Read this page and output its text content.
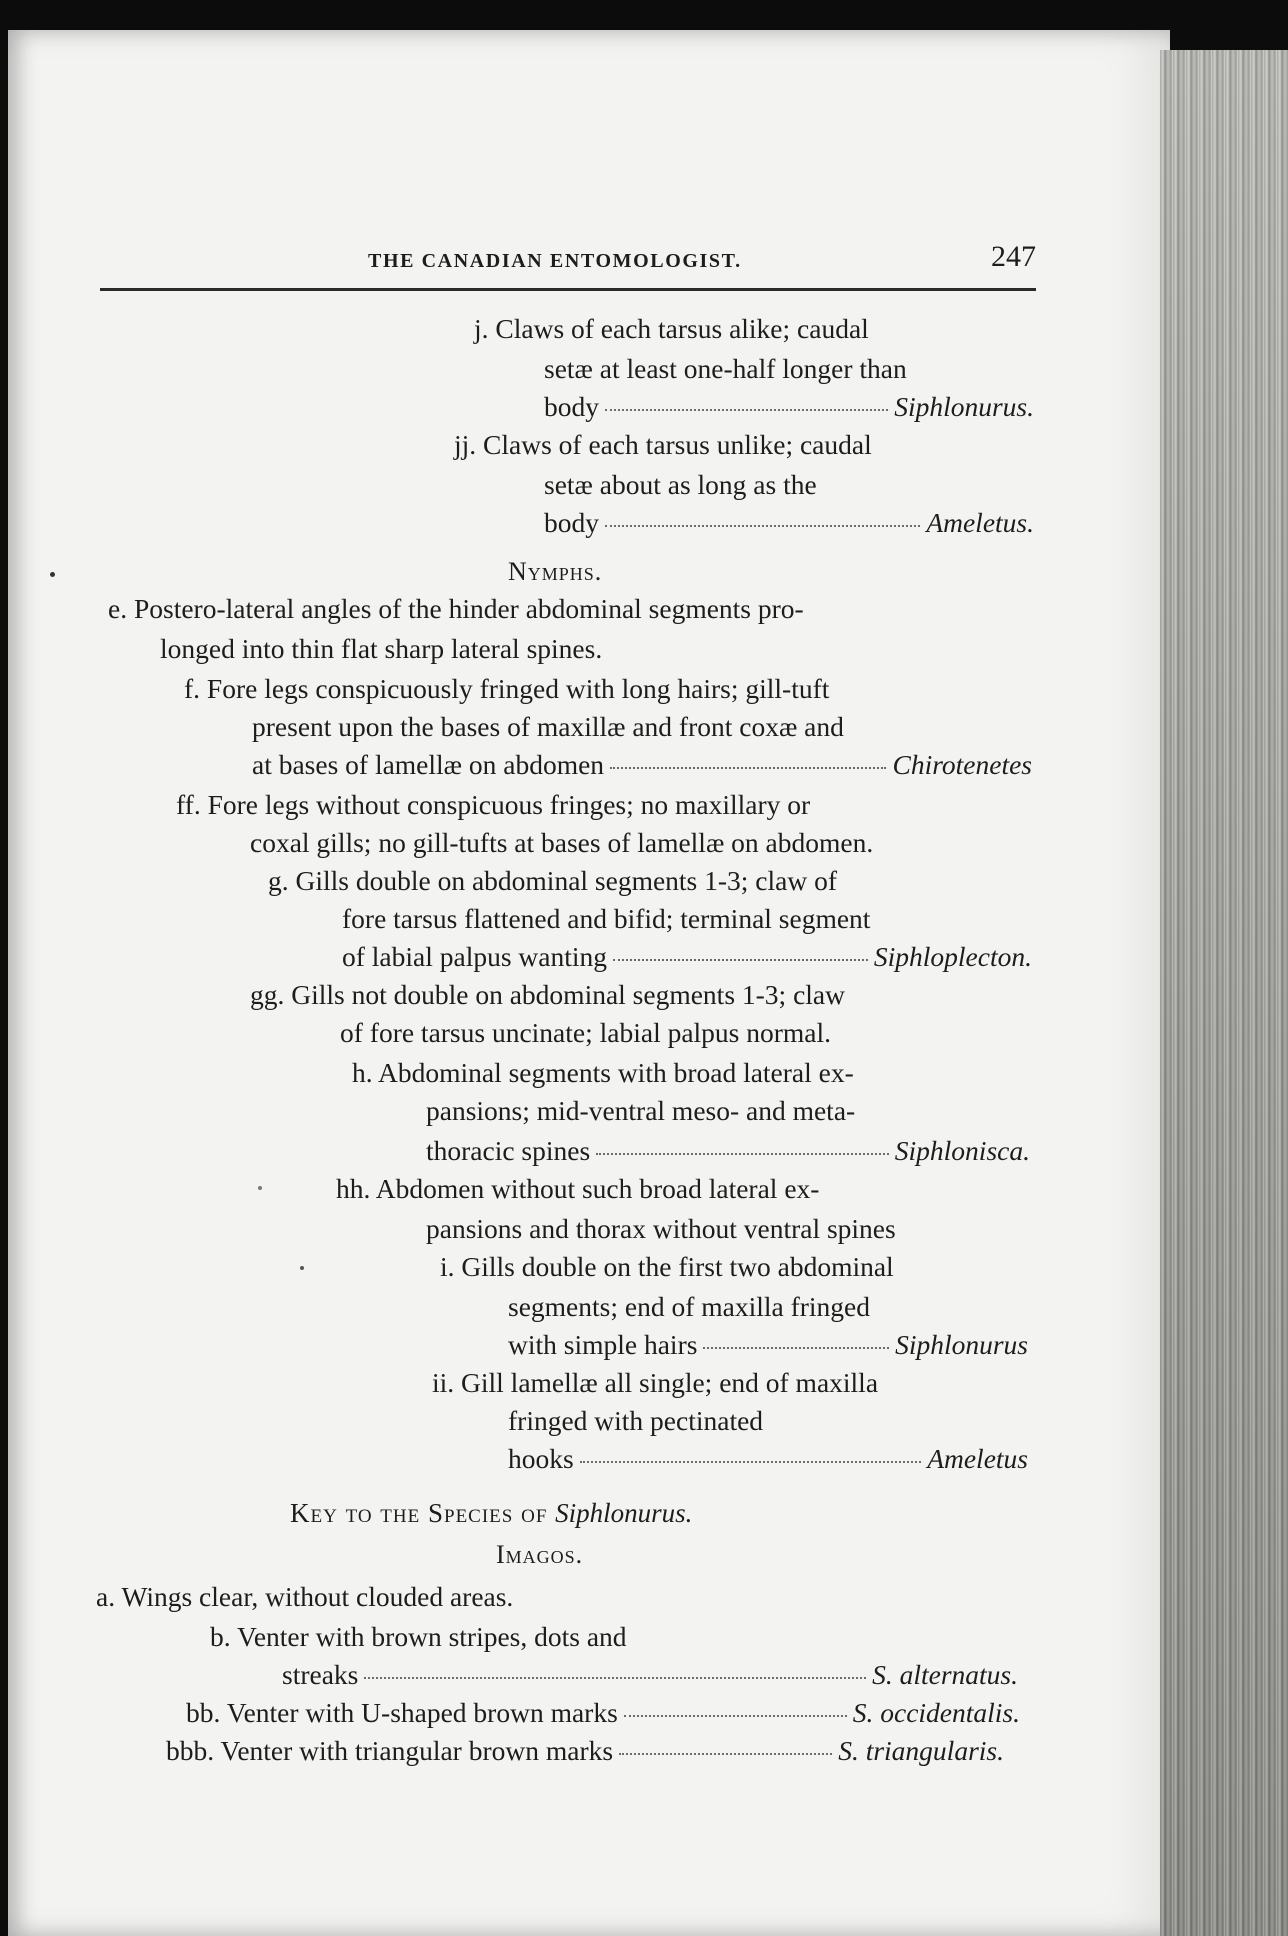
THE CANADIAN ENTOMOLOGIST.	247
j. Claws of each tarsus alike; caudal
setæ at least one-half longer than
body	Siphlonurus.
jj. Claws of each tarsus unlike; caudal
setæ about as long as the
body	Ameletus.
Nymphs.
e. Postero-lateral angles of the hinder abdominal segments pro-
longed into thin flat sharp lateral spines.
f. Fore legs conspicuously fringed with long hairs; gill-tuft
present upon the bases of maxillæ and front coxæ and
at bases of lamellæ on abdomen	Chirotenetes
ff. Fore legs without conspicuous fringes; no maxillary or
coxal gills; no gill-tufts at bases of lamellæ on abdomen.
g. Gills double on abdominal segments 1-3; claw of
fore tarsus flattened and bifid; terminal segment
of labial palpus wanting	Siphloplecton.
gg. Gills not double on abdominal segments 1-3; claw
of fore tarsus uncinate; labial palpus normal.
h. Abdominal segments with broad lateral ex-
pansions; mid-ventral meso- and meta-
thoracic spines	Siphlonisca.
hh. Abdomen without such broad lateral ex-
pansions and thorax without ventral spines
i. Gills double on the first two abdominal
segments; end of maxilla fringed
with simple hairs	Siphlonurus
ii. Gill lamellæ all single; end of maxilla
fringed with pectinated
hooks	Ameletus
Key to the Species of Siphlonurus.
Imagos.
a. Wings clear, without clouded areas.
b. Venter with brown stripes, dots and
streaks	S. alternatus.
bb. Venter with U-shaped brown marks	S. occidentalis.
bbb. Venter with triangular brown marks	S. triangularis.
